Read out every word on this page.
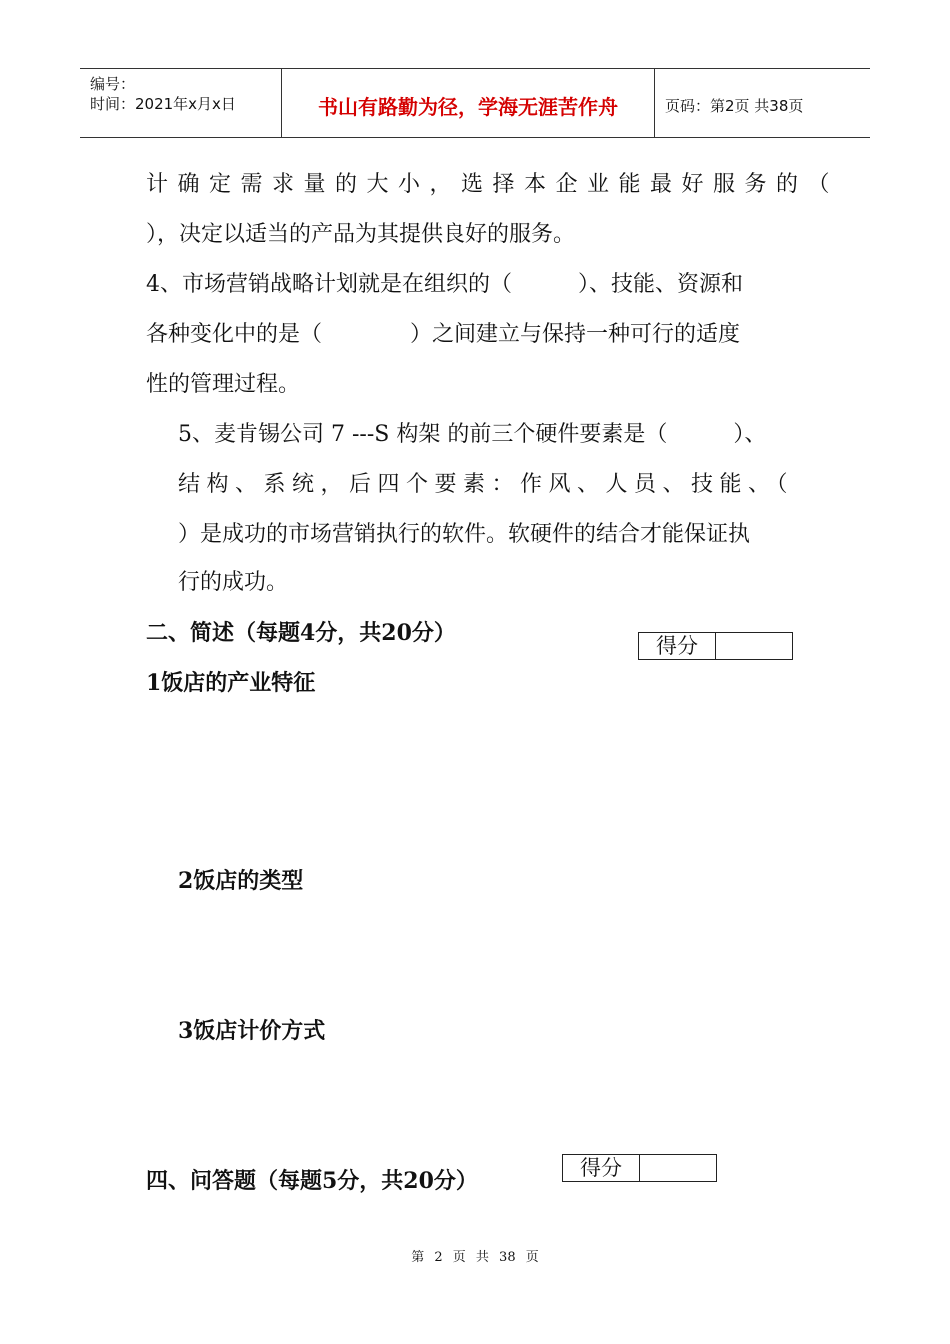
编号：
时间：2021年x月x日	书山有路勤为径，学海无涯苦作舟	页码：第2页 共38页
计确定需求量的大小，选择本企业能最好服务的（
），决定以适当的产品为其提供良好的服务。
4、市场营销战略计划就是在组织的（　　　）、技能、资源和
各种变化中的是（　　　　）之间建立与保持一种可行的适度
性的管理过程。
5、麦肯锡公司 7 ---S 构架 的前三个硬件要素是（　　　）、
结构、系统，后四个要素：作风、人员、技能、（
）是成功的市场营销执行的软件。软硬件的结合才能保证执
行的成功。
二、简述（每题4分，共20分）	得分
1饭店的产业特征
2饭店的类型
3饭店计价方式
四、问答题（每题5分，共20分）	得分
第 2 页 共 38 页
